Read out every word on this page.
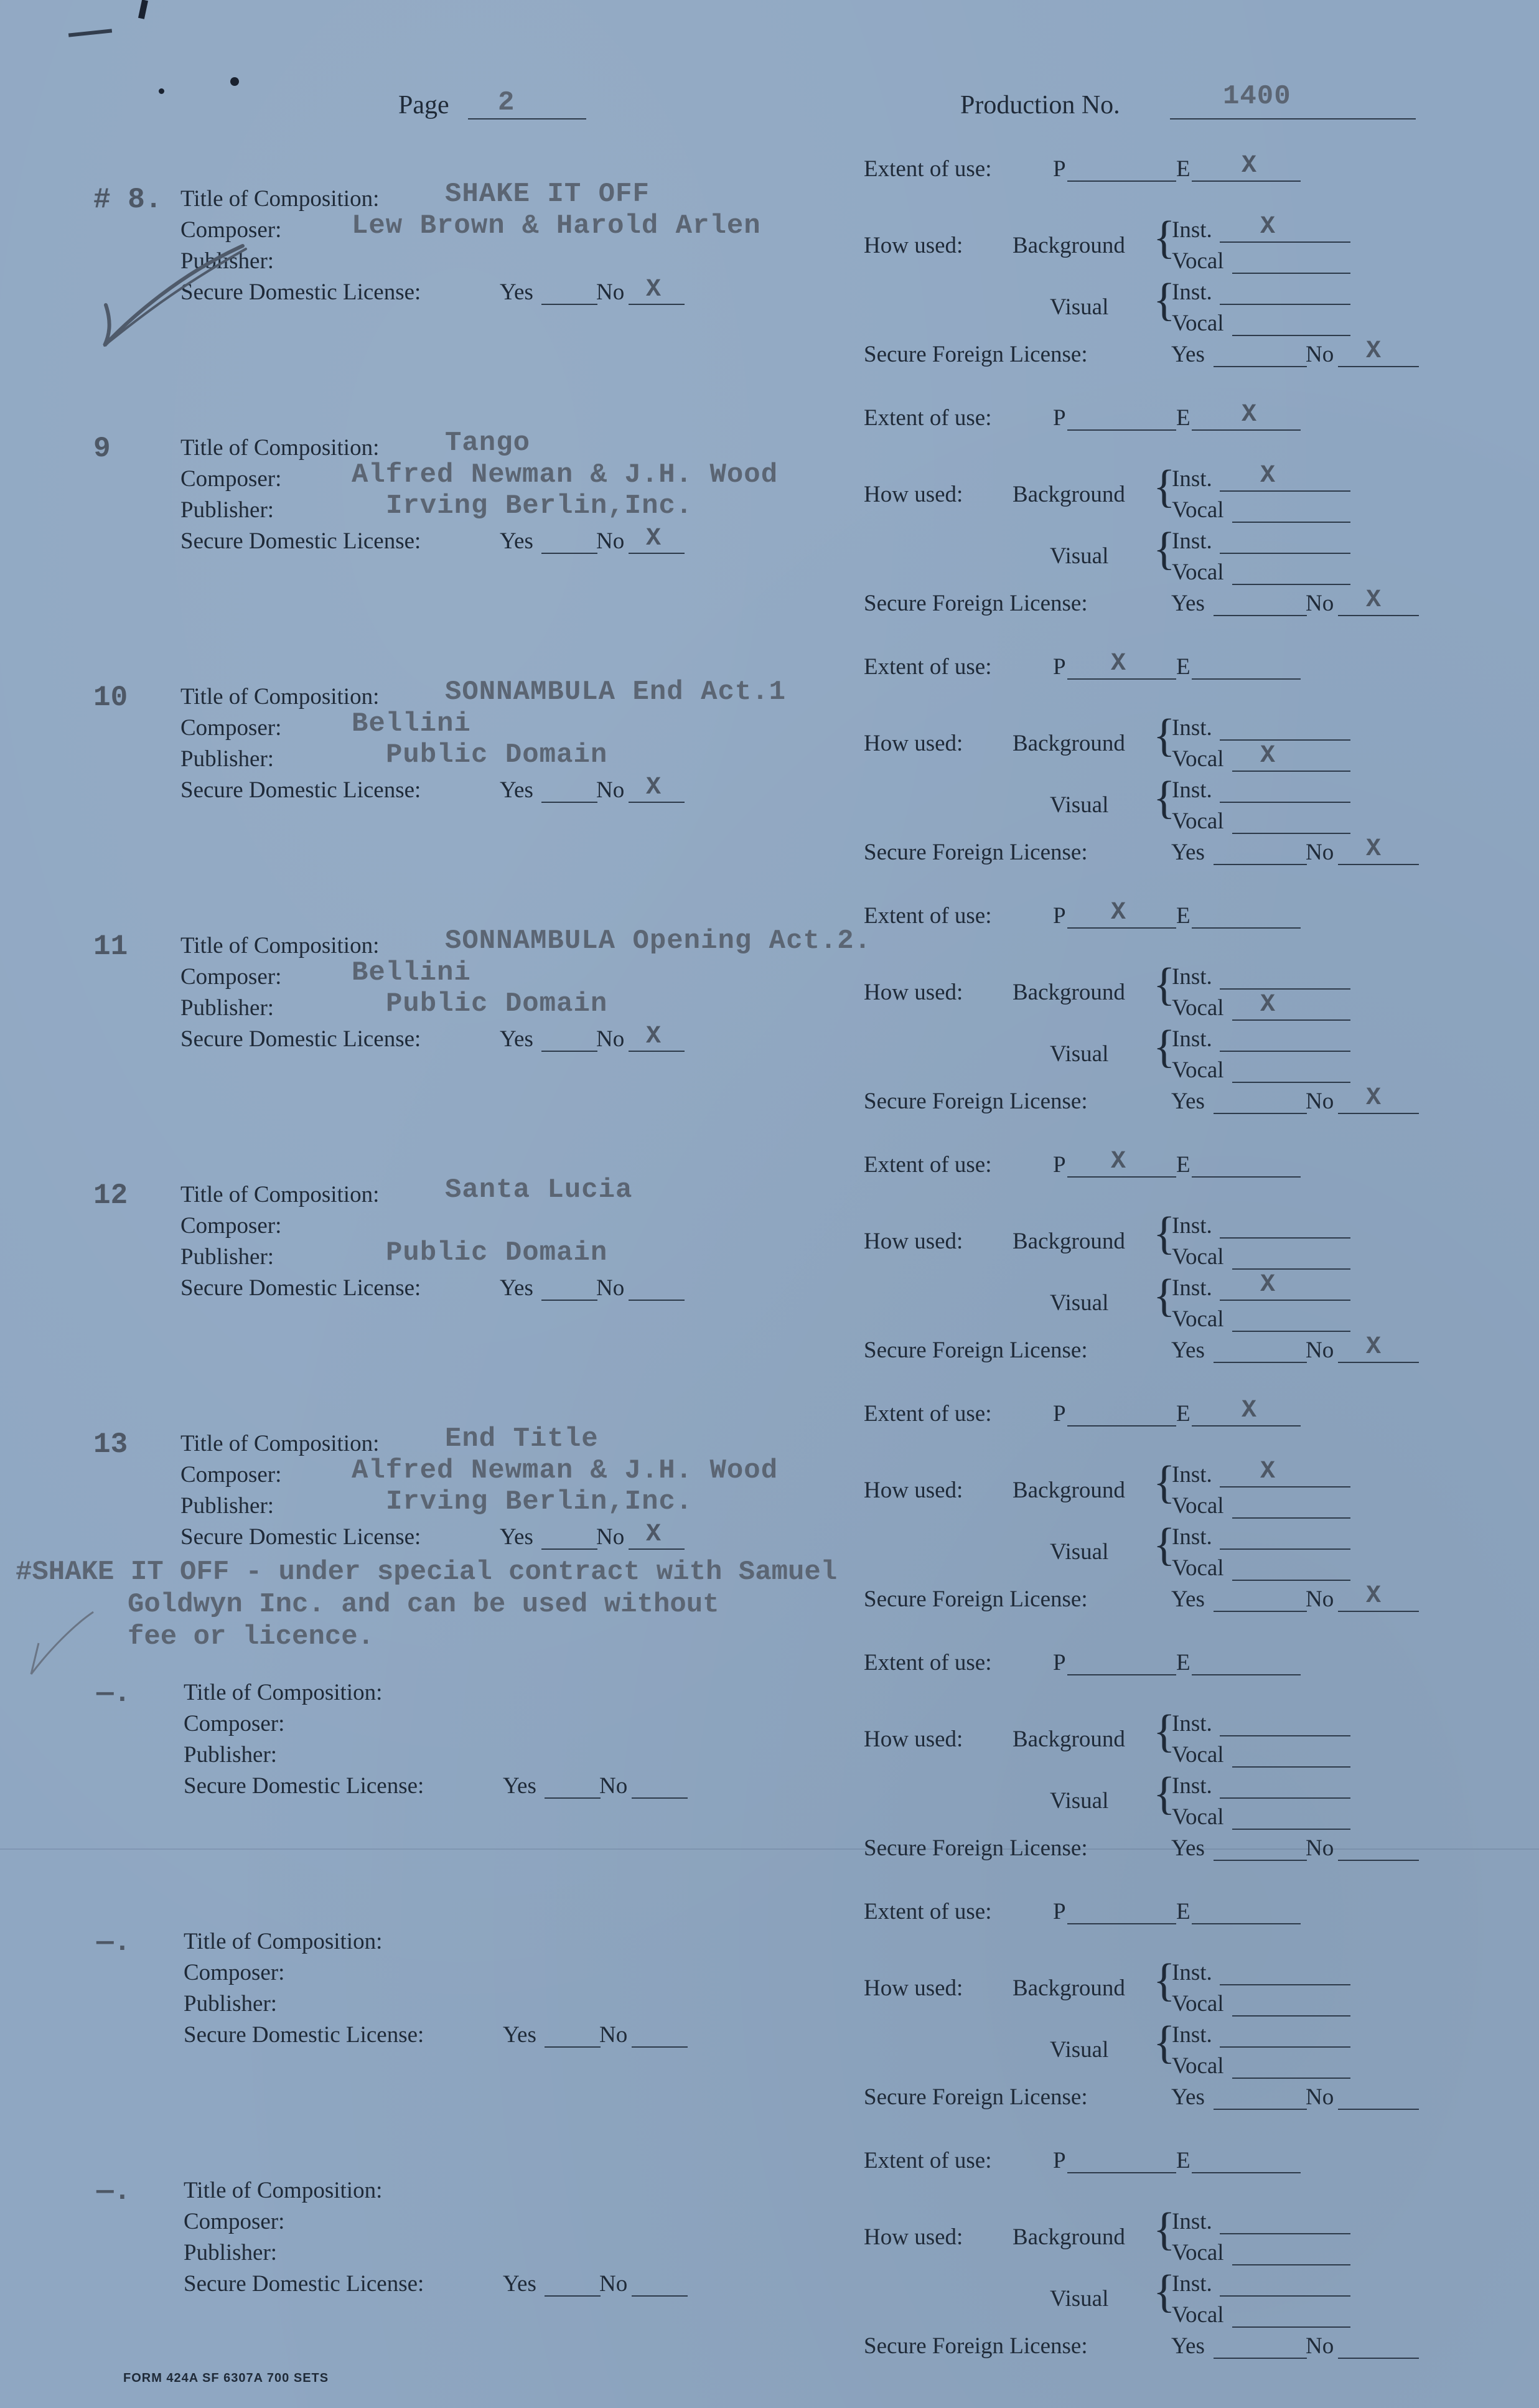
Page 2	Production No.	1400
# 8. Title of Composition: SHAKE IT OFF
Composer:	Lew Brown & Harold Arlen
Publisher:
Secure Domestic License:	Yes	No X
Extent of use:	P	E X
How used: Background {
Inst. X
Vocal
Visual {
Inst.
Vocal
Secure Foreign License:	Yes	No X
9	Title of Composition: Tango
Composer:	Alfred Newman & J.H. Wood
Publisher:	Irving Berlin,Inc.
Secure Domestic License:	Yes	No X
Extent of use:	P	E X
How used: Background {
Inst. X
Vocal
Visual {
Inst.
Vocal
Secure Foreign License:	Yes	No X
10 Title of Composition: SONNAMBULA End Act.1
Composer:	Bellini
Publisher:	Public Domain
Secure Domestic License:	Yes	No X
Extent of use:	P X E
How used: Background {
Inst.
Vocal X
Visual {
Inst.
Vocal
Secure Foreign License:	Yes	No X
11 Title of Composition: SONNAMBULA Opening Act.2.
Composer:	Bellini
Publisher:	Public Domain
Secure Domestic License:	Yes	No X
Extent of use:	P X E
How used: Background {
Inst.
Vocal X
Visual {
Inst.
Vocal
Secure Foreign License:	Yes	No X
12 Title of Composition: Santa Lucia
Composer:
Publisher:	Public Domain
Secure Domestic License:	Yes	No
Extent of use:	P X E
How used: Background {
Inst.
Vocal
Visual {
Inst. X
Vocal
Secure Foreign License:	Yes	No X
13 Title of Composition: End Title
Composer:	Alfred Newman & J.H. Wood
Publisher:	Irving Berlin,Inc.
Secure Domestic License:	Yes	No X
Extent of use:	P	E X
How used: Background {
Inst. X
Vocal
Visual {
Inst.
Vocal
Secure Foreign License:	Yes	No X
—. Title of Composition:
Composer:
Publisher:
Secure Domestic License:	Yes	No
Extent of use:	P	E
How used: Background {
Inst.
Vocal
Visual {
Inst.
Vocal
Secure Foreign License:	Yes	No
—. Title of Composition:
Composer:
Publisher:
Secure Domestic License:	Yes	No
Extent of use:	P	E
How used: Background {
Inst.
Vocal
Visual {
Inst.
Vocal
Secure Foreign License:	Yes	No
—. Title of Composition:
Composer:
Publisher:
Secure Domestic License:	Yes	No
Extent of use:	P	E
How used: Background {
Inst.
Vocal
Visual {
Inst.
Vocal
Secure Foreign License:	Yes	No
#SHAKE IT OFF - under special contract with Samuel
Goldwyn Inc. and can be used without
fee or licence.
FORM 424A SF 6307A 700 SETS
